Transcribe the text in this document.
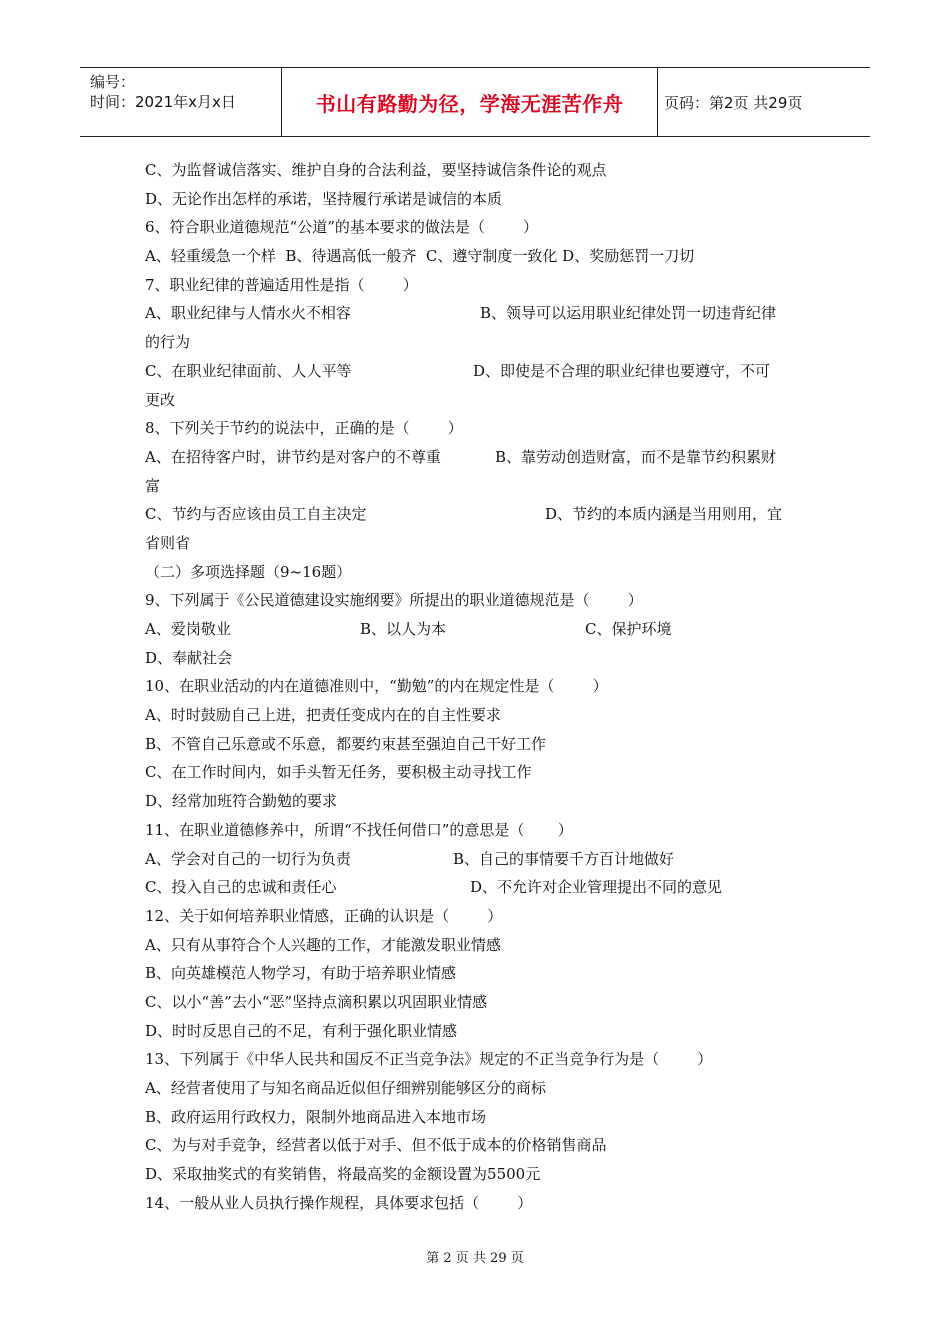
编号：
时间：2021年x月x日	书山有路勤为径，学海无涯苦作舟	页码：第2页 共29页
C、为监督诚信落实、维护自身的合法利益，要坚持诚信条件论的观点
D、无论作出怎样的承诺，坚持履行承诺是诚信的本质
6、符合职业道德规范“公道”的基本要求的做法是（        ）
A、轻重缓急一个样  B、待遇高低一般齐  C、遵守制度一致化 D、奖励惩罚一刀切
7、职业纪律的普遍适用性是指（        ）
A、职业纪律与人情水火不相容	B、领导可以运用职业纪律处罚一切违背纪律
的行为
C、在职业纪律面前、人人平等	D、即使是不合理的职业纪律也要遵守，不可
更改
8、下列关于节约的说法中，正确的是（        ）
A、在招待客户时，讲节约是对客户的不尊重	B、靠劳动创造财富，而不是靠节约积累财
富
C、节约与否应该由员工自主决定	D、节约的本质内涵是当用则用，宜
省则省
（二）多项选择题（9~16题）
9、下列属于《公民道德建设实施纲要》所提出的职业道德规范是（        ）
A、爱岗敬业	B、以人为本	C、保护环境
D、奉献社会
10、在职业活动的内在道德准则中，“勤勉”的内在规定性是（        ）
A、时时鼓励自己上进，把责任变成内在的自主性要求
B、不管自己乐意或不乐意，都要约束甚至强迫自己干好工作
C、在工作时间内，如手头暂无任务，要积极主动寻找工作
D、经常加班符合勤勉的要求
11、在职业道德修养中，所谓“不找任何借口”的意思是（       ）
A、学会对自己的一切行为负责	B、自己的事情要千方百计地做好
C、投入自己的忠诚和责任心	D、不允许对企业管理提出不同的意见
12、关于如何培养职业情感，正确的认识是（        ）
A、只有从事符合个人兴趣的工作，才能激发职业情感
B、向英雄模范人物学习，有助于培养职业情感
C、以小“善”去小“恶”坚持点滴积累以巩固职业情感
D、时时反思自己的不足，有利于强化职业情感
13、下列属于《中华人民共和国反不正当竞争法》规定的不正当竞争行为是（        ）
A、经营者使用了与知名商品近似但仔细辨别能够区分的商标
B、政府运用行政权力，限制外地商品进入本地市场
C、为与对手竞争，经营者以低于对手、但不低于成本的价格销售商品
D、采取抽奖式的有奖销售，将最高奖的金额设置为5500元
14、一般从业人员执行操作规程，具体要求包括（        ）
第 2 页 共 29 页
